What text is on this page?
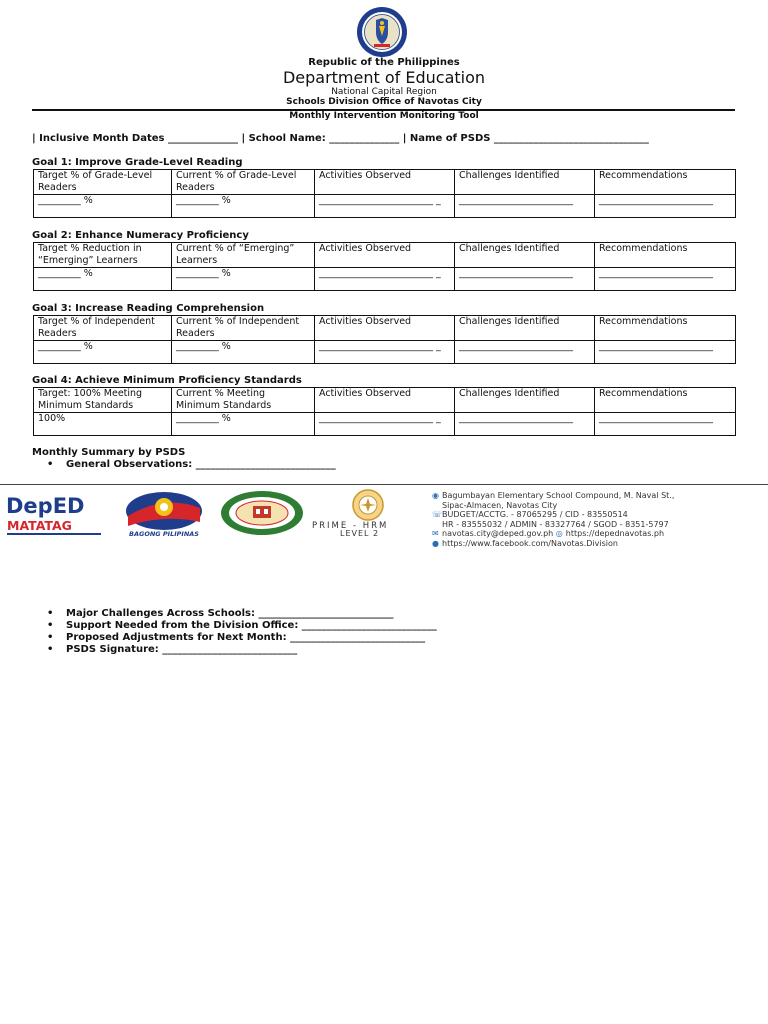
Republic of the Philippines
Department of Education
National Capital Region
Schools Division Office of Navotas City
Monthly Intervention Monitoring Tool
| Inclusive Month Dates ______________ | School Name: ______________ | Name of PSDS _______________________________
Goal 1: Improve Grade-Level Reading
Target % of Grade-Level Readers	Current % of Grade-Level Readers	Activities Observed	Challenges Identified	Recommendations
_________ %	_________ %	________________________ _	________________________	________________________
Goal 2: Enhance Numeracy Proficiency
Target % Reduction in “Emerging” Learners	Current % of “Emerging” Learners	Activities Observed	Challenges Identified	Recommendations
_________ %	_________ %	________________________ _	________________________	________________________
Goal 3: Increase Reading Comprehension
Target % of Independent Readers	Current % of Independent Readers	Activities Observed	Challenges Identified	Recommendations
_________ %	_________ %	________________________ _	________________________	________________________
Goal 4: Achieve Minimum Proficiency Standards
Target: 100% Meeting Minimum Standards	Current % Meeting Minimum Standards	Activities Observed	Challenges Identified	Recommendations
100%	_________ %	________________________ _	________________________	________________________
Monthly Summary by PSDS
• General Observations: ____________________________
DepED
MATATAG
BAGONG PILIPINAS
PRIME - HRM
LEVEL 2
◉ Bagumbayan Elementary School Compound, M. Naval St.,
Sipac-Almacen, Navotas City
☏BUDGET/ACCTG. - 87065295 / CID - 83550514
HR - 83555032 / ADMIN - 83327764 / SGOD - 8351-5797
✉ navotas.city@deped.gov.ph ◎ https://depednavotas.ph
● https://www.facebook.com/Navotas.Division
• Major Challenges Across Schools: ___________________________
• Support Needed from the Division Office: ___________________________
• Proposed Adjustments for Next Month: ___________________________
• PSDS Signature: ___________________________
